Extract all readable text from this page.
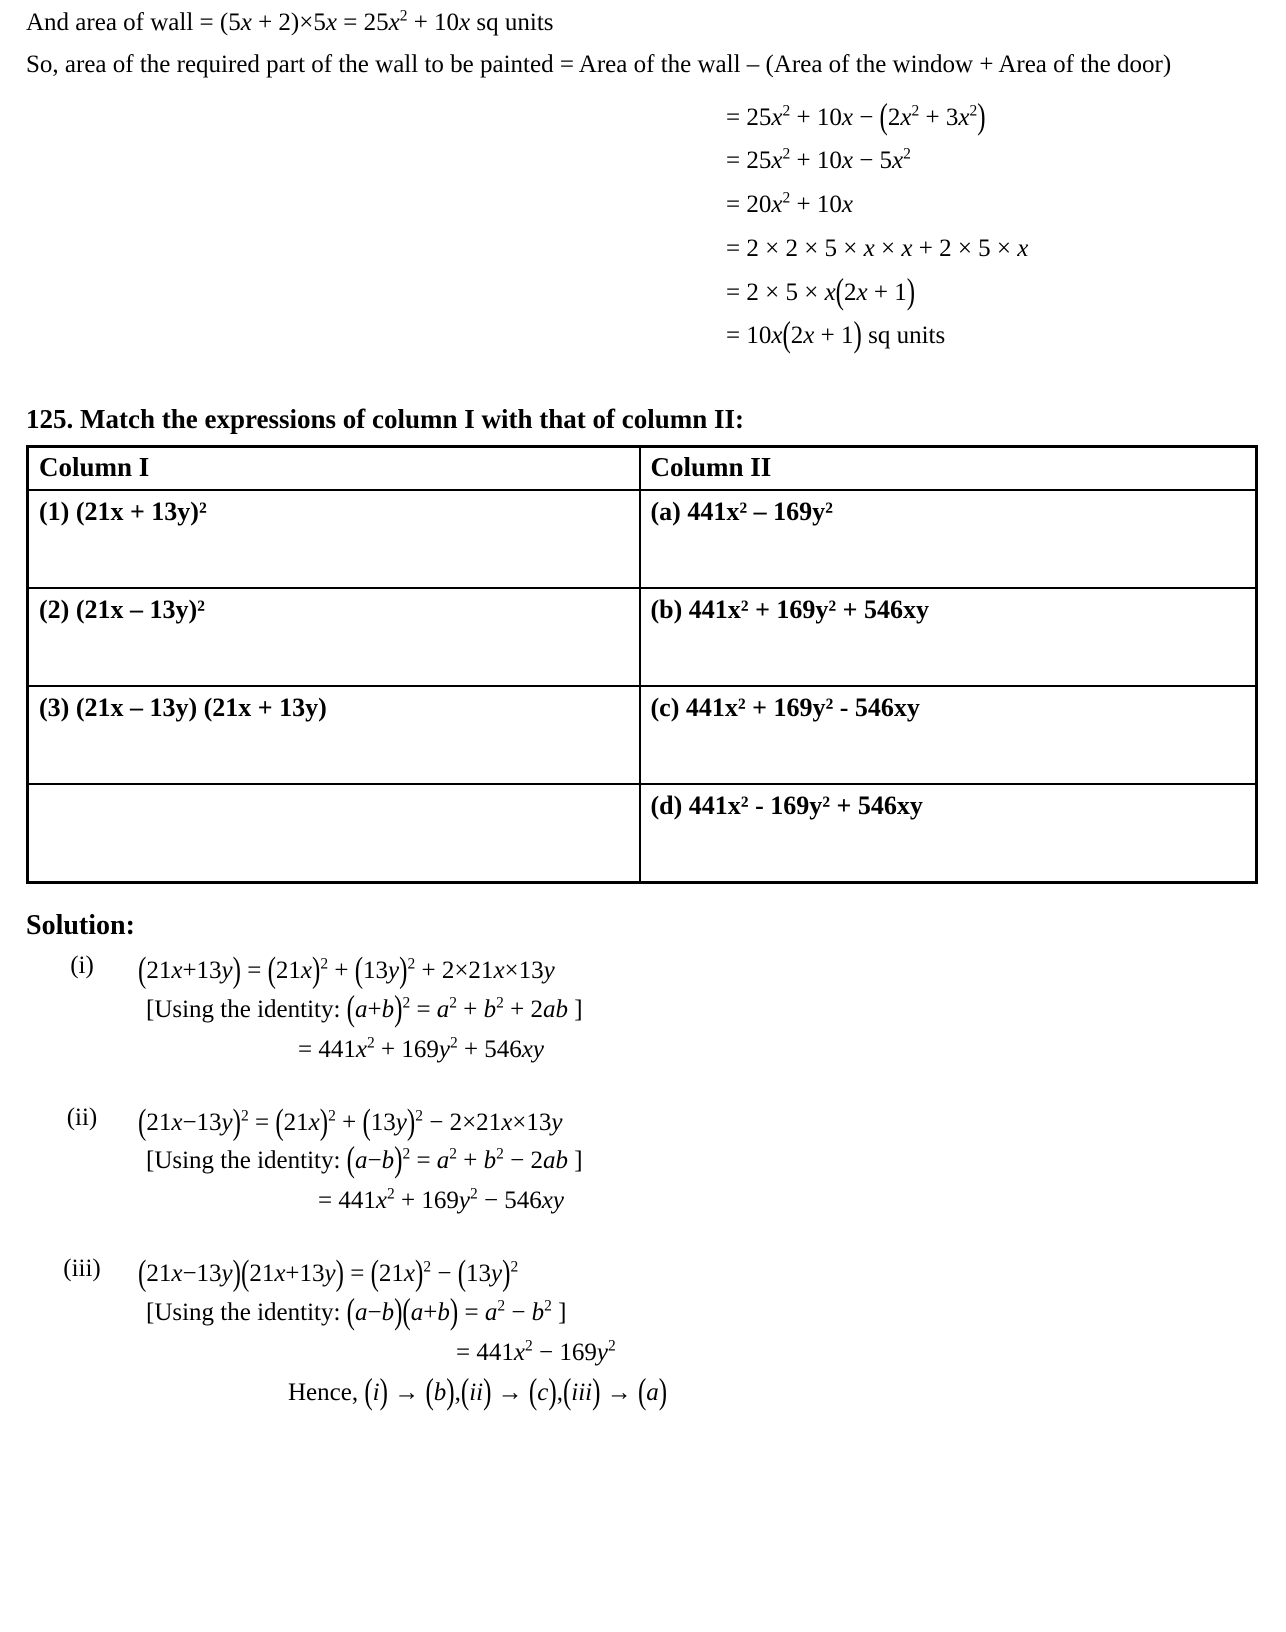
And area of wall = $(5x + 2)\times 5x = 25x^2 + 10x$ sq units
So, area of the required part of the wall to be painted = Area of the wall – (Area of the window + Area of the door)
= $25x^2 + 10x - (2x^2 + 3x^2)$
= $25x^2 + 10x - 5x^2$
= $20x^2 + 10x$
= 2 × 2 × 5 × x × x + 2 × 5 × x
= 2 × 5 × x(2x + 1)
= 10x(2x + 1) sq units
125. Match the expressions of column I with that of column II:
Column I	Column II
(1) (21x + 13y)²	(a) 441x² – 169y²
(2) (21x – 13y)²	(b) 441x² + 169y² + 546xy
(3) (21x – 13y) (21x + 13y)	(c) 441x² + 169y² - 546xy
	(d) 441x² - 169y² + 546xy
Solution:
(i)	$(21x+13y) = (21x)^2 + (13y)^2 + 2\times 21x\times 13y$
[Using the identity: $(a+b)^2 = a^2 + b^2 + 2ab$ ]
= $441x^2 + 169y^2 + 546xy$
(ii)	$(21x-13y)^2 = (21x)^2 + (13y)^2 - 2\times 21x\times 13y$
[Using the identity: $(a-b)^2 = a^2 + b^2 - 2ab$ ]
= $441x^2 + 169y^2 - 546xy$
(iii)	$(21x-13y)(21x+13y) = (21x)^2 - (13y)^2$
[Using the identity: $(a-b)(a+b) = a^2 - b^2$ ]
= $441x^2 - 169y^2$
Hence, (i) → (b),(ii) → (c),(iii) → (a)
